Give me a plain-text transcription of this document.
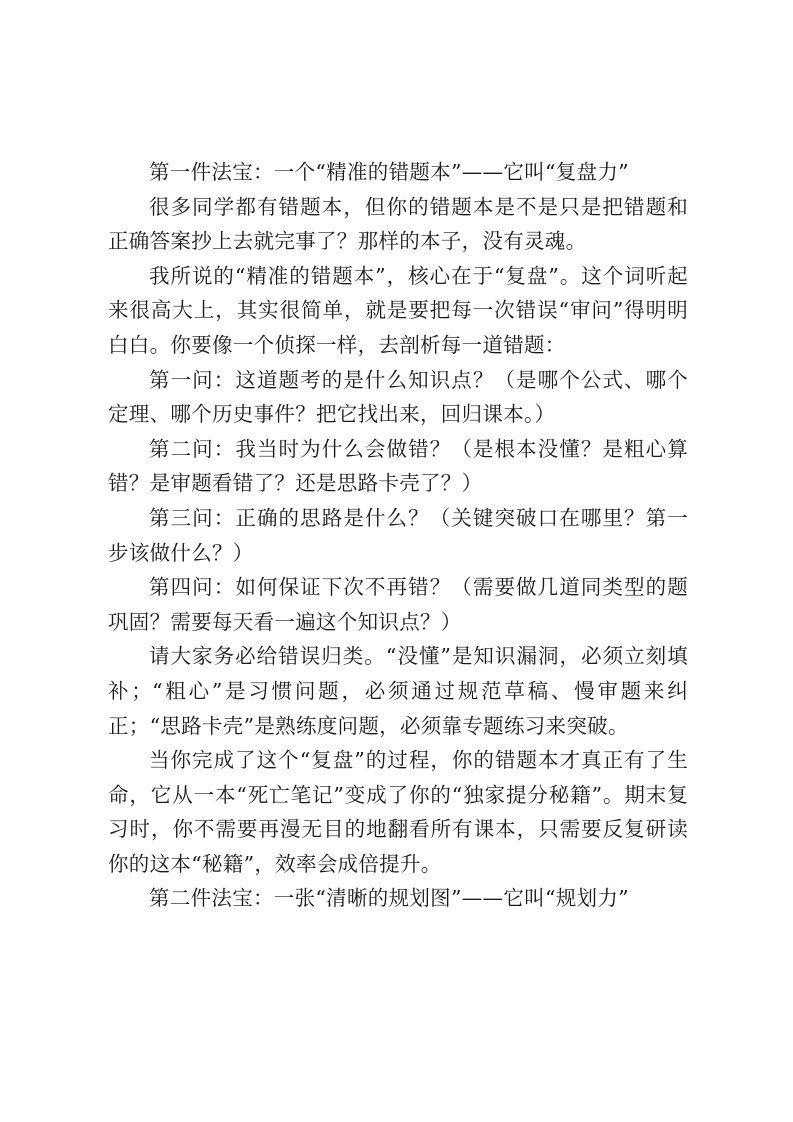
第一件法宝：一个“精准的错题本”——它叫“复盘力”

很多同学都有错题本，但你的错题本是不是只是把错题和正确答案抄上去就完事了？那样的本子，没有灵魂。

我所说的“精准的错题本”，核心在于“复盘”。这个词听起来很高大上，其实很简单，就是要把每一次错误“审问”得明明白白。你要像一个侦探一样，去剖析每一道错题：

第一问：这道题考的是什么知识点？（是哪个公式、哪个定理、哪个历史事件？把它找出来，回归课本。）

第二问：我当时为什么会做错？（是根本没懂？是粗心算错？是审题看错了？还是思路卡壳了？）

第三问：正确的思路是什么？（关键突破口在哪里？第一步该做什么？）

第四问：如何保证下次不再错？（需要做几道同类型的题巩固？需要每天看一遍这个知识点？）

请大家务必给错误归类。“没懂”是知识漏洞，必须立刻填补；“粗心”是习惯问题，必须通过规范草稿、慢审题来纠正；“思路卡壳”是熟练度问题，必须靠专题练习来突破。

当你完成了这个“复盘”的过程，你的错题本才真正有了生命，它从一本“死亡笔记”变成了你的“独家提分秘籍”。期末复习时，你不需要再漫无目的地翻看所有课本，只需要反复研读你的这本“秘籍”，效率会成倍提升。

第二件法宝：一张“清晰的规划图”——它叫“规划力”
